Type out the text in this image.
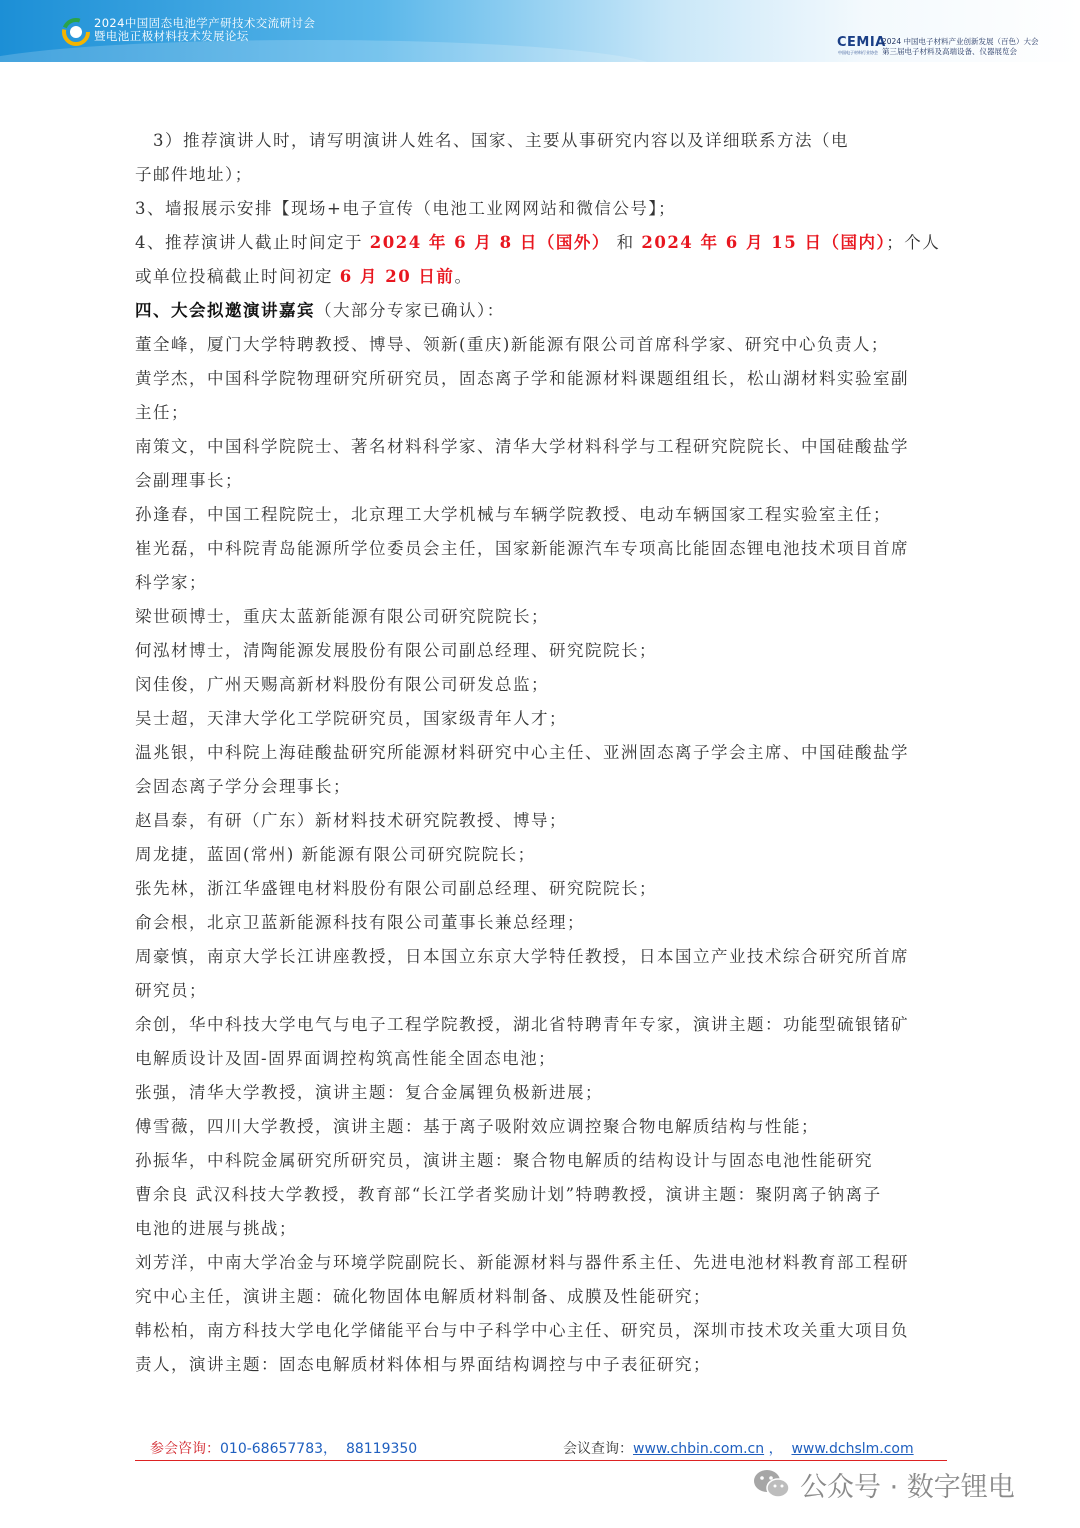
2024中国固态电池学产研技术交流研讨会
暨电池正极材料技术发展论坛	CEMIA
中国电子材料行业协会
2024 中国电子材料产业创新发展（百色）大会
第三届电子材料及高端设备、仪器展览会
　3）推荐演讲人时，请写明演讲人姓名、国家、主要从事研究内容以及详细联系方法（电
子邮件地址）；
3、墙报展示安排【现场+电子宣传（电池工业网网站和微信公号】；
4、推荐演讲人截止时间定于 2024 年 6 月 8 日（国外） 和 2024 年 6 月 15 日（国内）；个人
或单位投稿截止时间初定 6 月 20 日前。
四、大会拟邀演讲嘉宾（大部分专家已确认）：
董全峰，厦门大学特聘教授、博导、领新(重庆)新能源有限公司首席科学家、研究中心负责人；
黄学杰，中国科学院物理研究所研究员，固态离子学和能源材料课题组组长，松山湖材料实验室副
主任；
南策文，中国科学院院士、著名材料科学家、清华大学材料科学与工程研究院院长、中国硅酸盐学
会副理事长；
孙逢春，中国工程院院士，北京理工大学机械与车辆学院教授、电动车辆国家工程实验室主任；
崔光磊，中科院青岛能源所学位委员会主任，国家新能源汽车专项高比能固态锂电池技术项目首席
科学家；
梁世硕博士，重庆太蓝新能源有限公司研究院院长；
何泓材博士，清陶能源发展股份有限公司副总经理、研究院院长；
闵佳俊，广州天赐高新材料股份有限公司研发总监；
吴士超，天津大学化工学院研究员，国家级青年人才；
温兆银，中科院上海硅酸盐研究所能源材料研究中心主任、亚洲固态离子学会主席、中国硅酸盐学
会固态离子学分会理事长；
赵昌泰，有研（广东）新材料技术研究院教授、博导；
周龙捷，蓝固(常州) 新能源有限公司研究院院长；
张先林，浙江华盛锂电材料股份有限公司副总经理、研究院院长；
俞会根，北京卫蓝新能源科技有限公司董事长兼总经理；
周豪慎，南京大学长江讲座教授，日本国立东京大学特任教授，日本国立产业技术综合研究所首席
研究员；
余创，华中科技大学电气与电子工程学院教授，湖北省特聘青年专家，演讲主题：功能型硫银锗矿
电解质设计及固-固界面调控构筑高性能全固态电池；
张强，清华大学教授，演讲主题：复合金属锂负极新进展；
傅雪薇，四川大学教授，演讲主题：基于离子吸附效应调控聚合物电解质结构与性能；
孙振华，中科院金属研究所研究员，演讲主题：聚合物电解质的结构设计与固态电池性能研究
曹余良 武汉科技大学教授，教育部“长江学者奖励计划”特聘教授，演讲主题：聚阴离子钠离子
电池的进展与挑战；
刘芳洋，中南大学冶金与环境学院副院长、新能源材料与器件系主任、先进电池材料教育部工程研
究中心主任，演讲主题：硫化物固体电解质材料制备、成膜及性能研究；
韩松柏，南方科技大学电化学储能平台与中子科学中心主任、研究员，深圳市技术攻关重大项目负
责人，演讲主题：固态电解质材料体相与界面结构调控与中子表征研究；
参会咨询：010-68657783， 88119350	会议查询：www.chbin.com.cn ， www.dchslm.com
公众号 · 数字锂电
